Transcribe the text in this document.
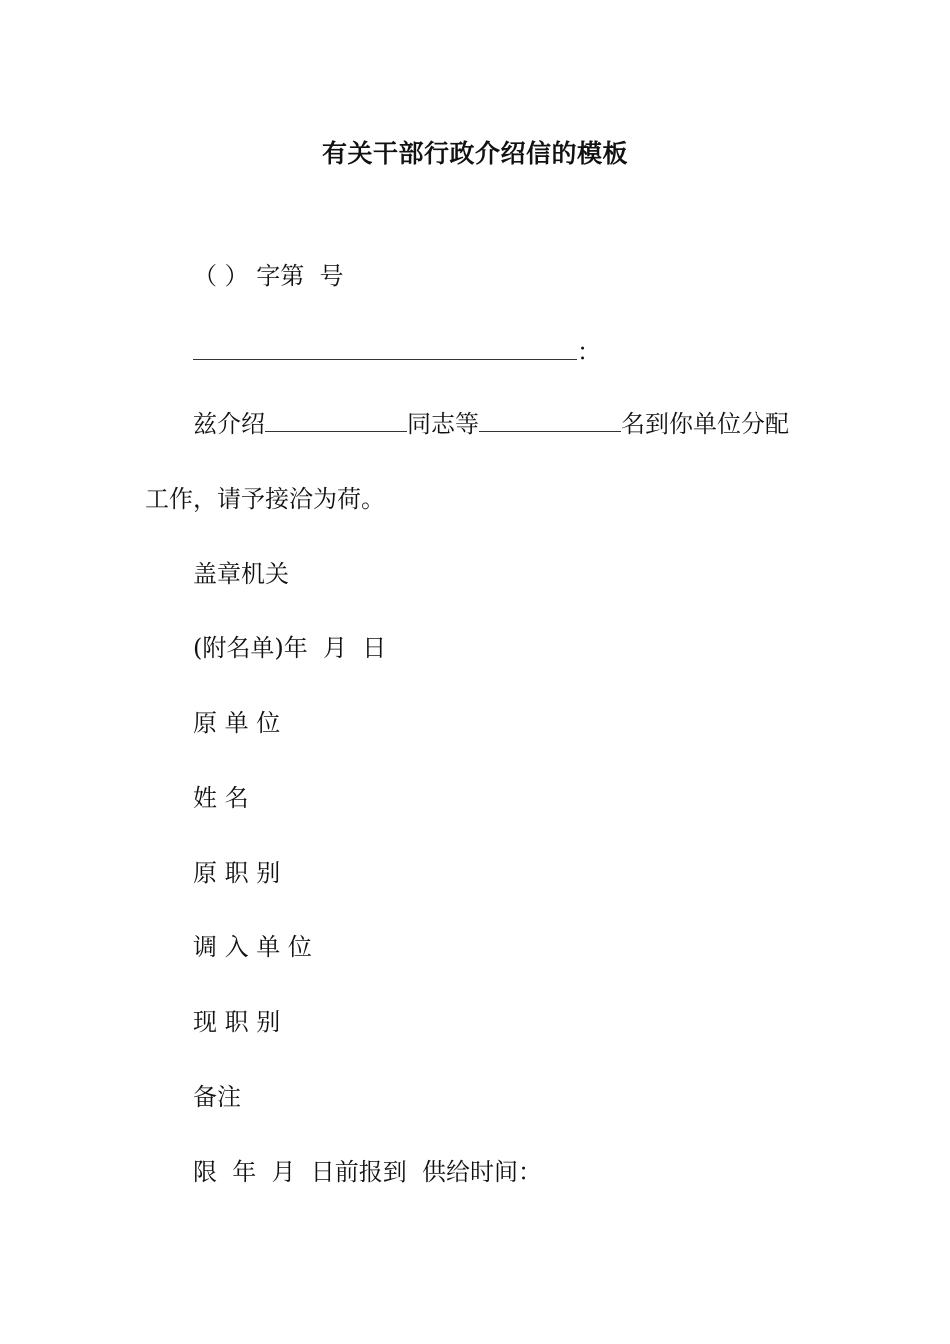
有关干部行政介绍信的模板
（ ） 字第  号
：
兹介绍	同志等	名到你单位分配
工作，请予接洽为荷。
盖章机关
(附名单)年  月  日
原 单 位
姓 名
原 职 别
调 入 单 位
现 职 别
备注
限  年  月  日前报到  供给时间：
